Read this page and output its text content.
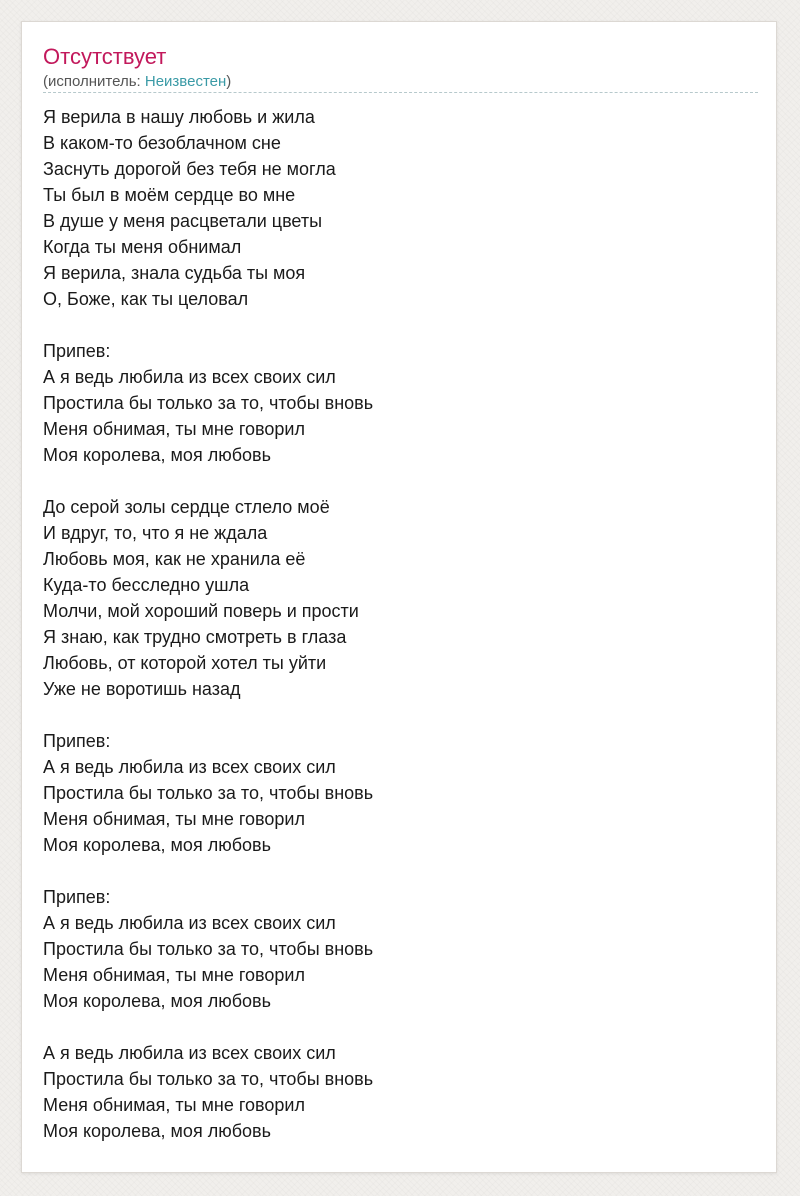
Отсутствует
(исполнитель: Неизвестен)
Я верила в нашу любовь и жила
В каком-то безоблачном сне
Заснуть дорогой без тебя не могла
Ты был в моём сердце во мне
В душе у меня расцветали цветы
Когда ты меня обнимал
Я верила, знала судьба ты моя
О, Боже, как ты целовал
Припев:
А я ведь любила из всех своих сил
Простила бы только за то, чтобы вновь
Меня обнимая, ты мне говорил
Моя королева, моя любовь
До серой золы сердце стлело моё
И вдруг, то, что я не ждала
Любовь моя, как не хранила её
Куда-то бесследно ушла
Молчи, мой хороший поверь и прости
Я знаю, как трудно смотреть в глаза
Любовь, от которой хотел ты уйти
Уже не воротишь назад
Припев:
А я ведь любила из всех своих сил
Простила бы только за то, чтобы вновь
Меня обнимая, ты мне говорил
Моя королева, моя любовь
Припев:
А я ведь любила из всех своих сил
Простила бы только за то, чтобы вновь
Меня обнимая, ты мне говорил
Моя королева, моя любовь
А я ведь любила из всех своих сил
Простила бы только за то, чтобы вновь
Меня обнимая, ты мне говорил
Моя королева, моя любовь
